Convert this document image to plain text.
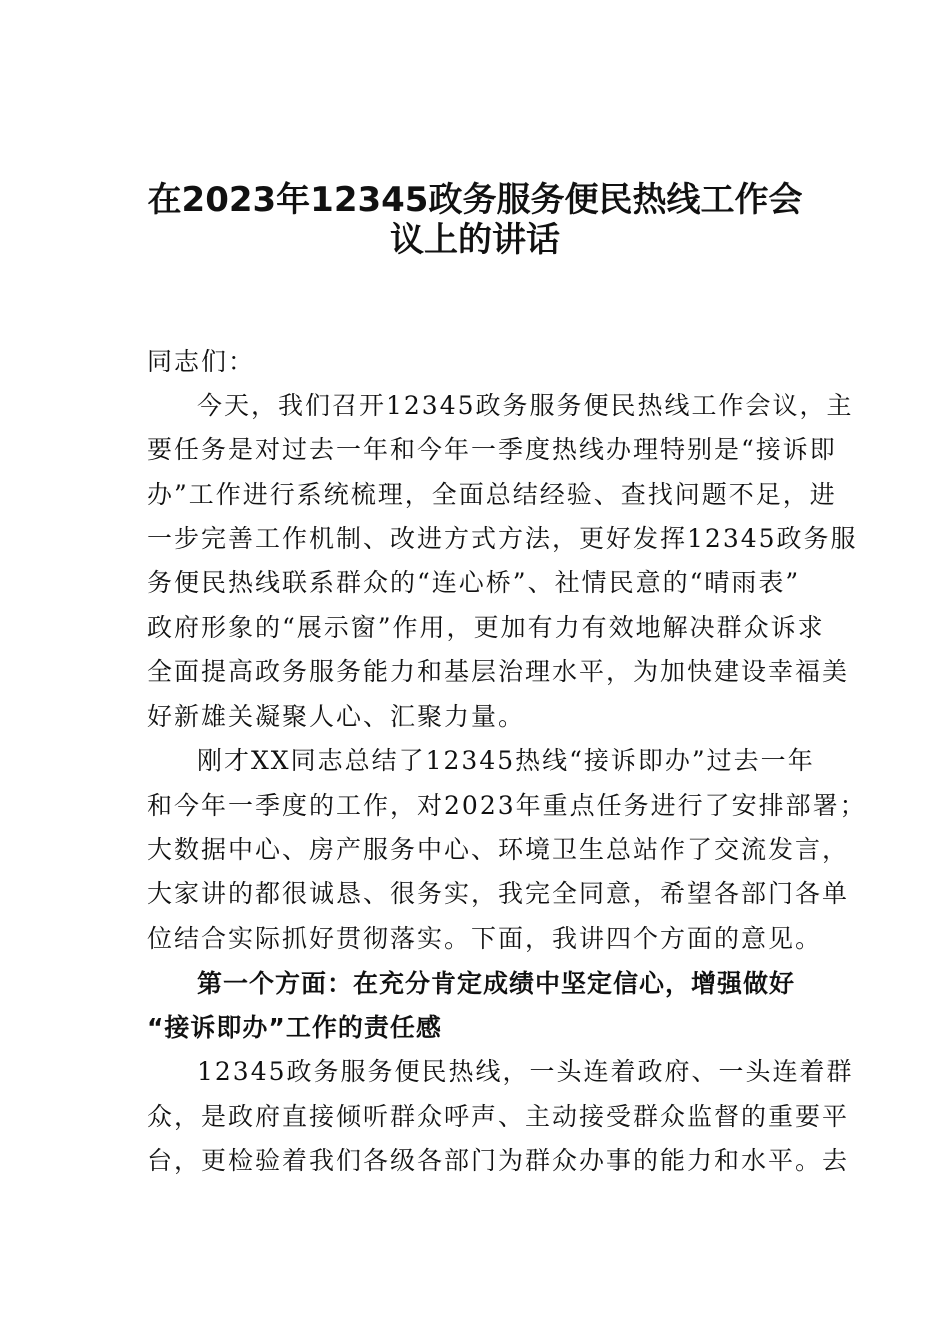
在2023年12345政务服务便民热线工作会
议上的讲话
同志们：
今天，我们召开12345政务服务便民热线工作会议，主
要任务是对过去一年和今年一季度热线办理特别是“接诉即
办”工作进行系统梳理，全面总结经验、查找问题不足，进
一步完善工作机制、改进方式方法，更好发挥12345政务服
务便民热线联系群众的“连心桥”、社情民意的“晴雨表”
政府形象的“展示窗”作用，更加有力有效地解决群众诉求
全面提高政务服务能力和基层治理水平，为加快建设幸福美
好新雄关凝聚人心、汇聚力量。
刚才XX同志总结了12345热线“接诉即办”过去一年
和今年一季度的工作，对2023年重点任务进行了安排部署；
大数据中心、房产服务中心、环境卫生总站作了交流发言，
大家讲的都很诚恳、很务实，我完全同意，希望各部门各单
位结合实际抓好贯彻落实。下面，我讲四个方面的意见。
第一个方面：在充分肯定成绩中坚定信心，增强做好
“接诉即办”工作的责任感
12345政务服务便民热线，一头连着政府、一头连着群
众，是政府直接倾听群众呼声、主动接受群众监督的重要平
台，更检验着我们各级各部门为群众办事的能力和水平。去
